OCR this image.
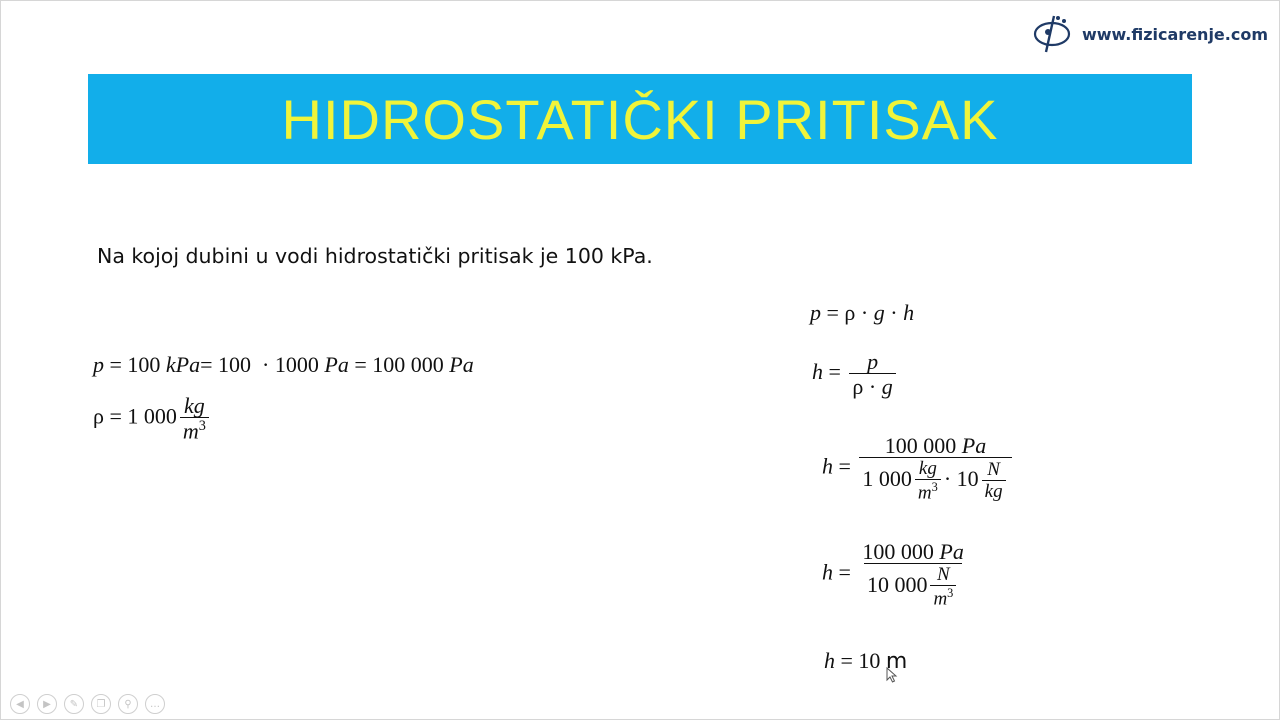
www.fizicarenje.com
HIDROSTATIČKI PRITISAK
Na kojoj dubini u vodi hidrostatički pritisak je 100 kPa.
p = 100 kPa= 100 · 1000 Pa = 100 000 Pa
ρ = 1 $000 \frac{kg}{m^3}$
p = ρ · g · h
$h = \frac{p}{\rho \cdot g}$
h =
100 000 Pa
1 $000 \frac{kg}{m^3} \cdot 10 \frac{N}{kg}$
$h = \frac{100 000 Pa}{10 000 \frac{N}{m^3}}$
h = 10 m
◀	▶	✎	❐	⚲	…
